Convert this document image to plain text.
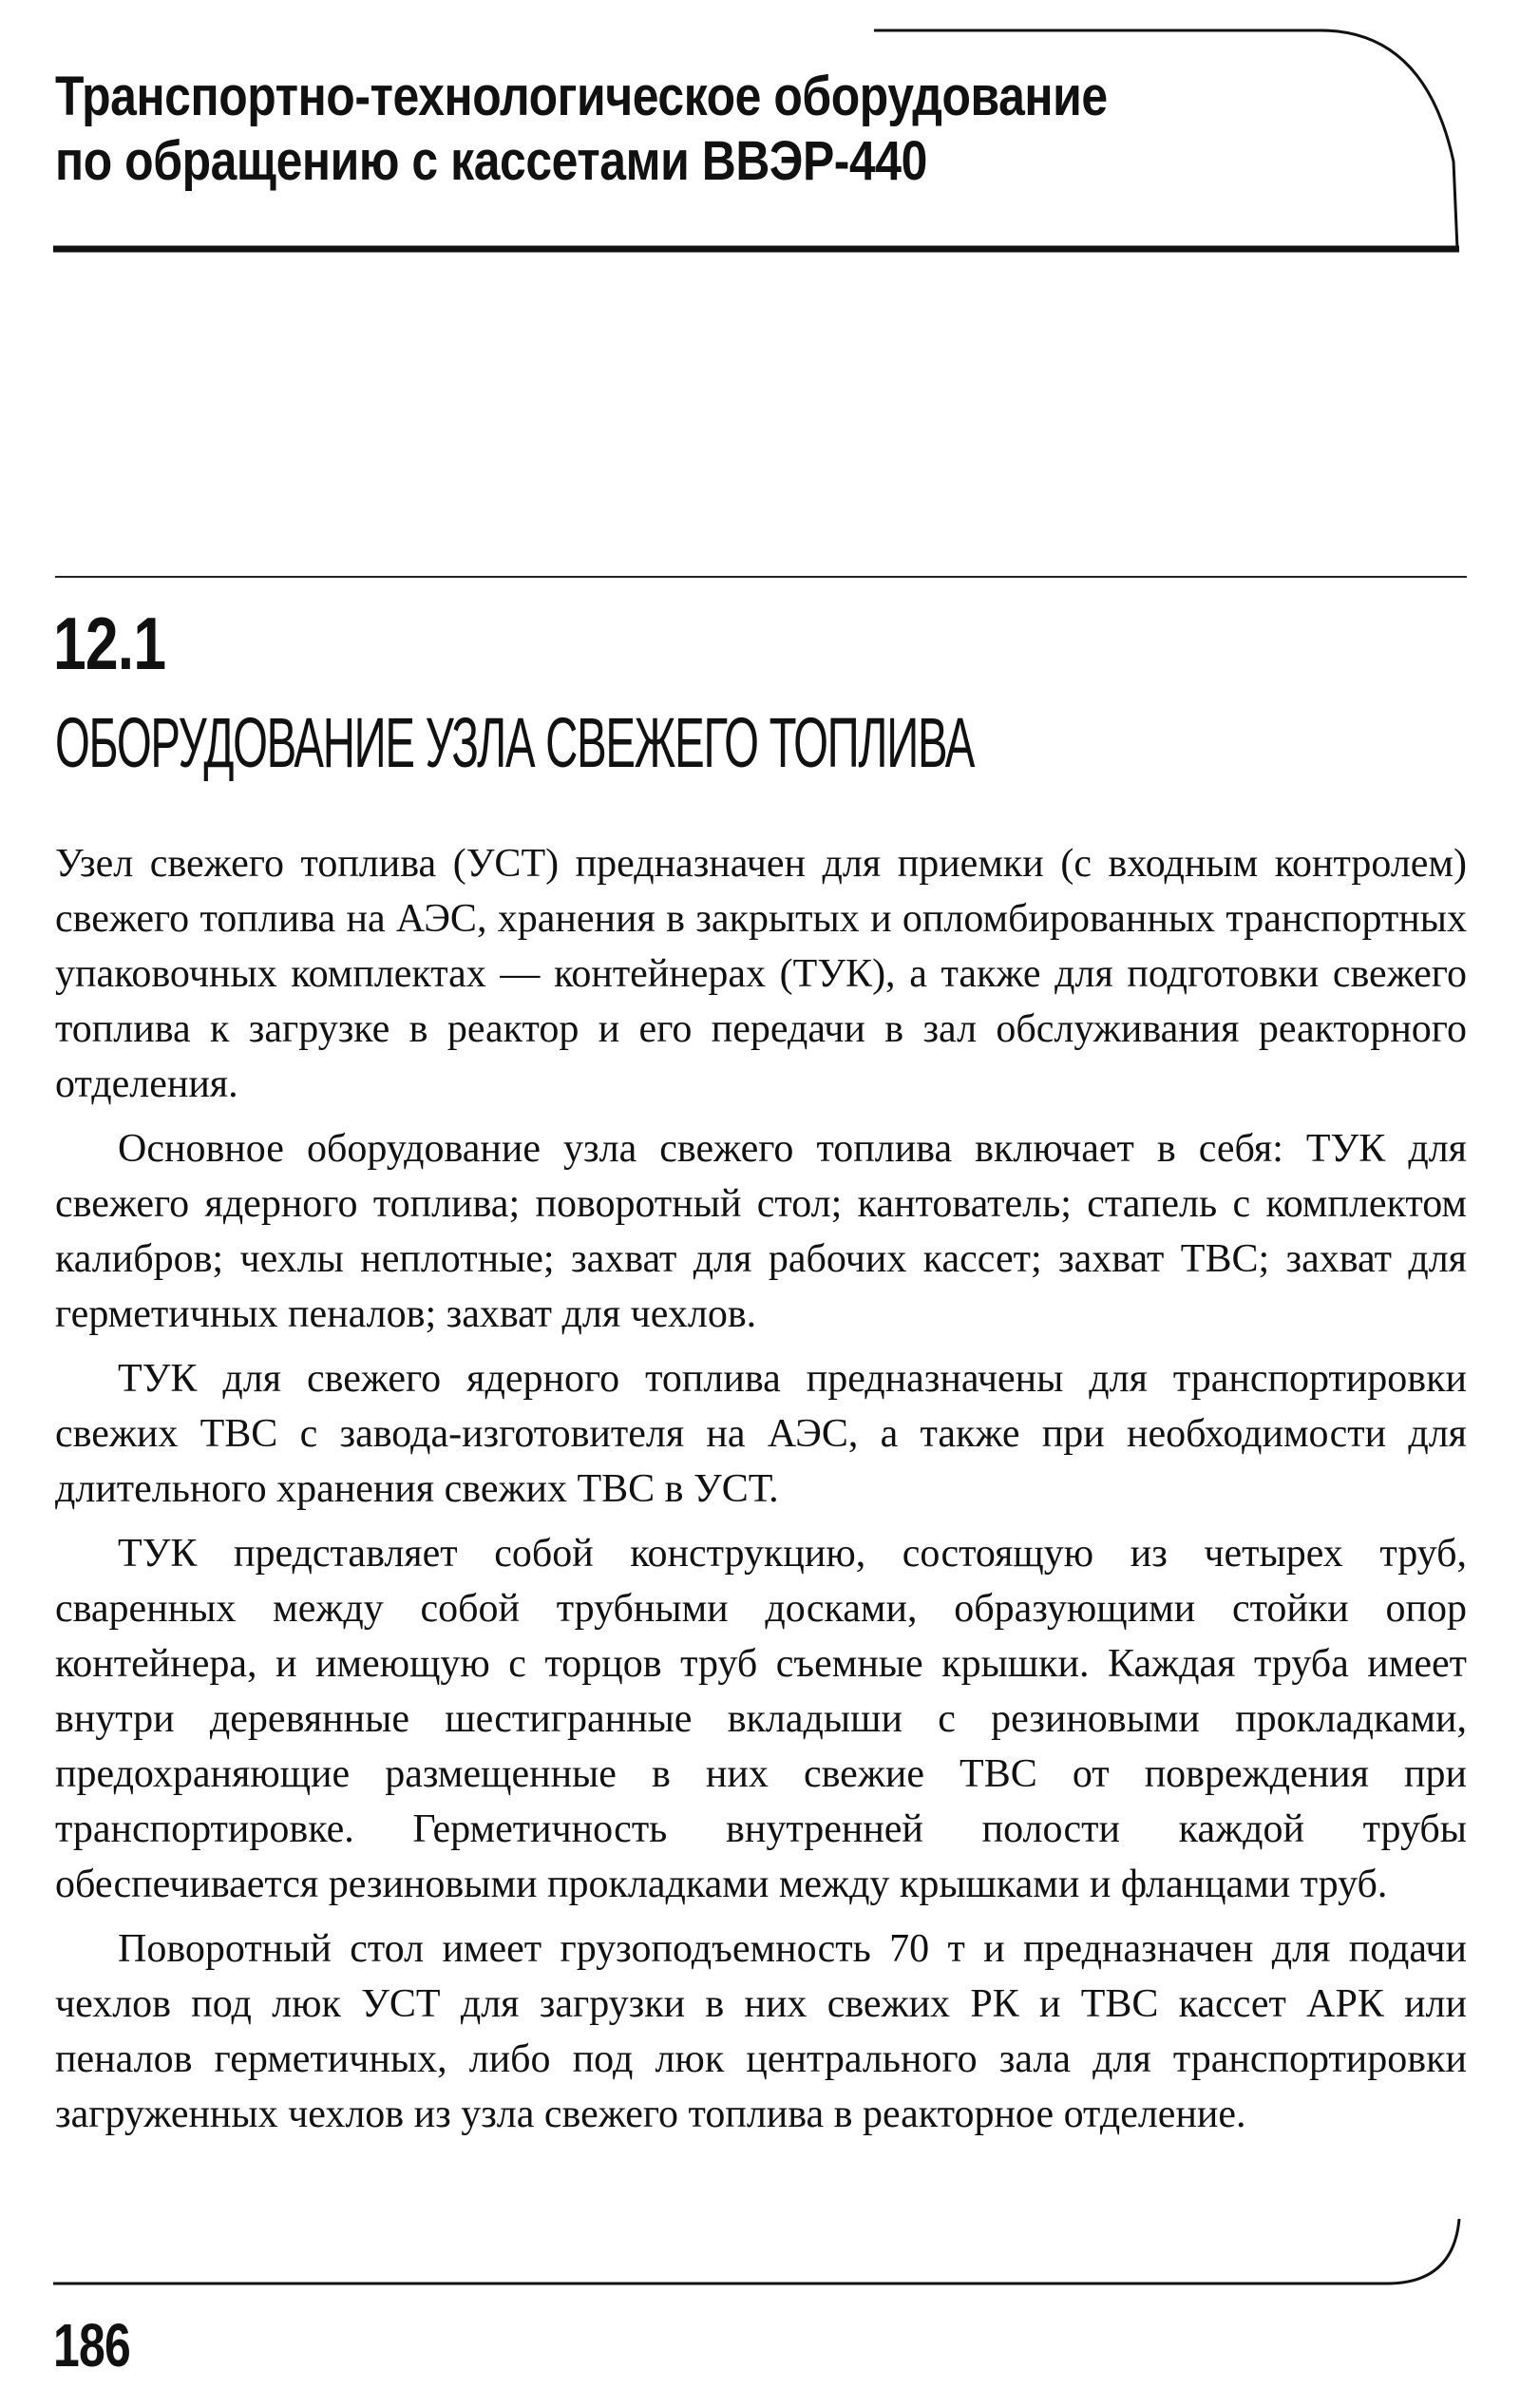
Транспортно-технологическое оборудование
по обращению с кассетами ВВЭР-440
12.1
ОБОРУДОВАНИЕ УЗЛА СВЕЖЕГО ТОПЛИВА

Узел свежего топлива (УСТ) предназначен для приемки (с входным контролем) свежего топлива на АЭС, хранения в закрытых и опломбированных транспортных упаковочных комплектах — контейнерах (ТУК), а также для подготовки свежего топлива к загрузке в реактор и его передачи в зал обслуживания реакторного отделения.

Основное оборудование узла свежего топлива включает в себя: ТУК для свежего ядерного топлива; поворотный стол; кантователь; стапель с комплектом калибров; чехлы неплотные; захват для рабочих кассет; захват ТВС; захват для герметичных пеналов; захват для чехлов.

ТУК для свежего ядерного топлива предназначены для транспортировки свежих ТВС с завода-изготовителя на АЭС, а также при необходимости для длительного хранения свежих ТВС в УСТ.

ТУК представляет собой конструкцию, состоящую из четырех труб, сваренных между собой трубными досками, образующими стойки опор контейнера, и имеющую с торцов труб съемные крышки. Каждая труба имеет внутри деревянные шестигранные вкладыши с резиновыми прокладками, предохраняющие размещенные в них свежие ТВС от повреждения при транспортировке. Герметичность внутренней полости каждой трубы обеспечивается резиновыми прокладками между крышками и фланцами труб.

Поворотный стол имеет грузоподъемность 70 т и предназначен для подачи чехлов под люк УСТ для загрузки в них свежих РК и ТВС кассет АРК или пеналов герметичных, либо под люк центрального зала для транспортировки загруженных чехлов из узла свежего топлива в реакторное отделение.

186
